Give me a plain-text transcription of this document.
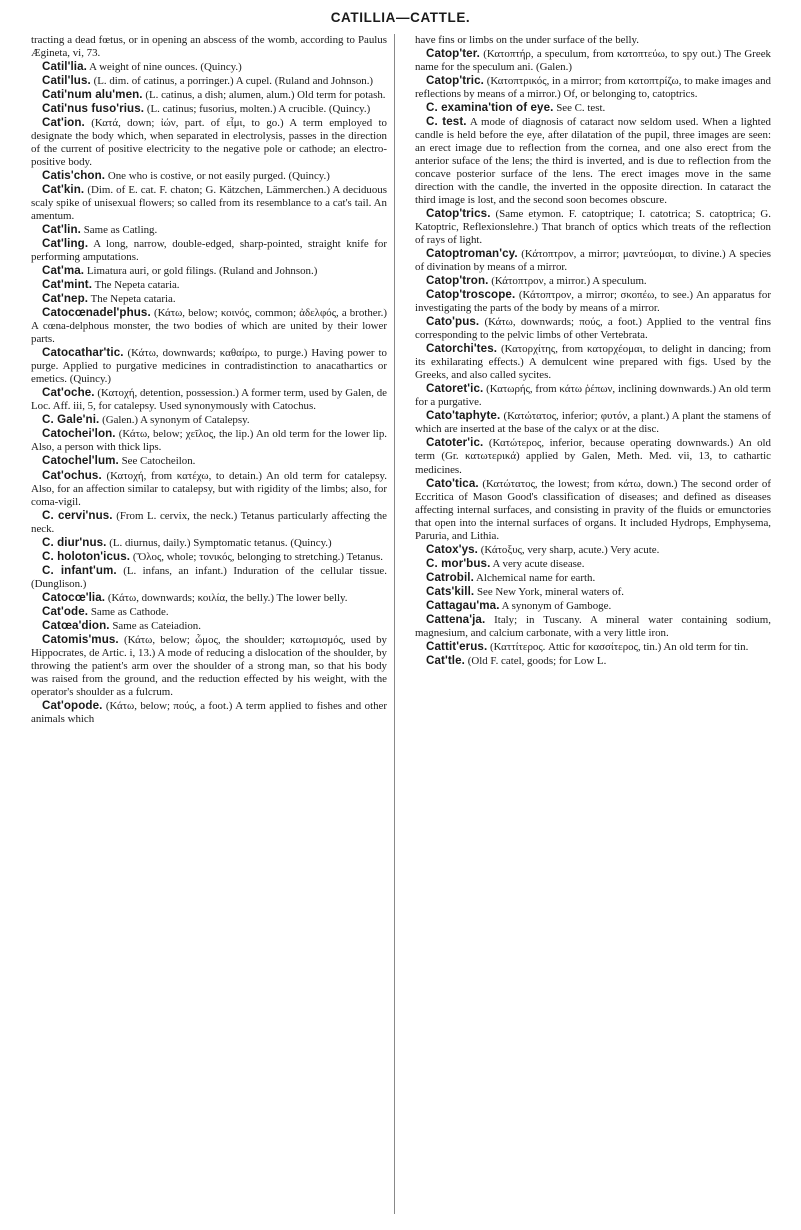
CATILLIA—CATTLE.

tracting a dead fœtus, or in opening an abscess of the womb, according to Paulus Ægineta, vi, 73.

Catil'lia. A weight of nine ounces. (Quincy.)

Catil'lus. (L. dim. of catinus, a porringer.) A cupel. (Ruland and Johnson.)

Cati'num alu'men. (L. catinus, a dish; alumen, alum.) Old term for potash.

Cati'nus fuso'rius. (L. catinus; fusorius, molten.) A crucible. (Quincy.)

Cat'ion. (Κατά, down; ἰών, part. of εἶμι, to go.) A term employed to designate the body which, when separated in electrolysis, passes in the direction of the current of positive electricity to the negative pole or cathode; an electro-positive body.

Catis'chon. One who is costive, or not easily purged. (Quincy.)

Cat'kin. (Dim. of E. cat. F. chaton; G. Kätzchen, Lämmerchen.) A deciduous scaly spike of unisexual flowers; so called from its resemblance to a cat's tail. An amentum.

Cat'lin. Same as Catling.

Cat'ling. A long, narrow, double-edged, sharp-pointed, straight knife for performing amputations.

Cat'ma. Limatura auri, or gold filings. (Ruland and Johnson.)

Cat'mint. The Nepeta cataria.

Cat'nep. The Nepeta cataria.

Catocœnadel'phus. (Κάτω, below; κοινός, common; ἀδελφός, a brother.) A cœna-delphous monster, the two bodies of which are united by their lower parts.

Catocathar'tic. (Κάτω, downwards; καθαίρω, to purge.) Having power to purge. Applied to purgative medicines in contradistinction to anacathartics or emetics. (Quincy.)

Cat'oche. (Κατοχή, detention, possession.) A former term, used by Galen, de Loc. Aff. iii, 5, for catalepsy. Used synonymously with Catochus.

C. Gale'ni. (Galen.) A synonym of Catalepsy.

Catochei'lon. (Κάτω, below; χεῖλος, the lip.) An old term for the lower lip. Also, a person with thick lips.

Catochel'lum. See Catocheilon.

Cat'ochus. (Κατοχή, from κατέχω, to detain.) An old term for catalepsy. Also, for an affection similar to catalepsy, but with rigidity of the limbs; also, for coma-vigil.

C. cervi'nus. (From L. cervix, the neck.) Tetanus particularly affecting the neck.

C. diur'nus. (L. diurnus, daily.) Symptomatic tetanus. (Quincy.)

C. holoton'icus. (Ὅλος, whole; τονικός, belonging to stretching.) Tetanus.

C. infant'um. (L. infans, an infant.) Induration of the cellular tissue. (Dunglison.)

Catocœ'lia. (Κάτω, downwards; κοιλία, the belly.) The lower belly.

Cat'ode. Same as Cathode.

Catœa'dion. Same as Cateiadion.

Catomis'mus. (Κάτω, below; ὦμος, the shoulder; κατωμισμός, used by Hippocrates, de Artic. i, 13.) A mode of reducing a dislocation of the shoulder, by throwing the patient's arm over the shoulder of a strong man, so that his body was raised from the ground, and the reduction effected by his weight, with the operator's shoulder as a fulcrum.

Cat'opode. (Κάτω, below; πούς, a foot.) A term applied to fishes and other animals which

have fins or limbs on the under surface of the belly.

Catop'ter. (Κατοπτήρ, a speculum, from κατοπτεύω, to spy out.) The Greek name for the speculum ani. (Galen.)

Catop'tric. (Κατοπτρικός, in a mirror; from κατοπτρίζω, to make images and reflections by means of a mirror.) Of, or belonging to, catoptrics.

C. examina'tion of eye. See C. test.

C. test. A mode of diagnosis of cataract now seldom used. When a lighted candle is held before the eye, after dilatation of the pupil, three images are seen: an erect image due to reflection from the cornea, and one also erect from the anterior suface of the lens; the third is inverted, and is due to reflection from the concave posterior surface of the lens. The erect images move in the same direction with the candle, the inverted in the opposite direction. In cataract the third image is lost, and the second soon becomes obscure.

Catop'trics. (Same etymon. F. catoptrique; I. catotrica; S. catoptrica; G. Katoptric, Reflexionslehre.) That branch of optics which treats of the reflection of rays of light.

Catoptroman'cy. (Κάτοπτρον, a mirror; μαντεύομαι, to divine.) A species of divination by means of a mirror.

Catop'tron. (Κάτοπτρον, a mirror.) A speculum.

Catop'troscope. (Κάτοπτρον, a mirror; σκοπέω, to see.) An apparatus for investigating the parts of the body by means of a mirror.

Cato'pus. (Κάτω, downwards; πούς, a foot.) Applied to the ventral fins corresponding to the pelvic limbs of other Vertebrata.

Catorchi'tes. (Κατορχίτης, from κατορχέομαι, to delight in dancing; from its exhilarating effects.) A demulcent wine prepared with figs. Used by the Greeks, and also called sycites.

Catoret'ic. (Κατωρής, from κάτω ῥέπων, inclining downwards.) An old term for a purgative.

Cato'taphyte. (Κατώτατος, inferior; φυτόν, a plant.) A plant the stamens of which are inserted at the base of the calyx or at the disc.

Catoter'ic. (Κατώτερος, inferior, because operating downwards.) An old term (Gr. κατωτερικά) applied by Galen, Meth. Med. vii, 13, to cathartic medicines.

Cato'tica. (Κατώτατος, the lowest; from κάτω, down.) The second order of Eccritica of Mason Good's classification of diseases; and defined as diseases affecting internal surfaces, and consisting in pravity of the fluids or emunctories that open into the internal surfaces of organs. It included Hydrops, Emphysema, Paruria, and Lithia.

Catox'ys. (Κάτοξυς, very sharp, acute.) Very acute.

C. mor'bus. A very acute disease.

Catrobil. Alchemical name for earth.

Cats'kill. See New York, mineral waters of.

Cattagau'ma. A synonym of Gamboge.

Cattena'ja. Italy; in Tuscany. A mineral water containing sodium, magnesium, and calcium carbonate, with a very little iron.

Cattit'erus. (Καττίτερος. Attic for κασσίτερος, tin.) An old term for tin.

Cat'tle. (Old F. catel, goods; for Low L.
